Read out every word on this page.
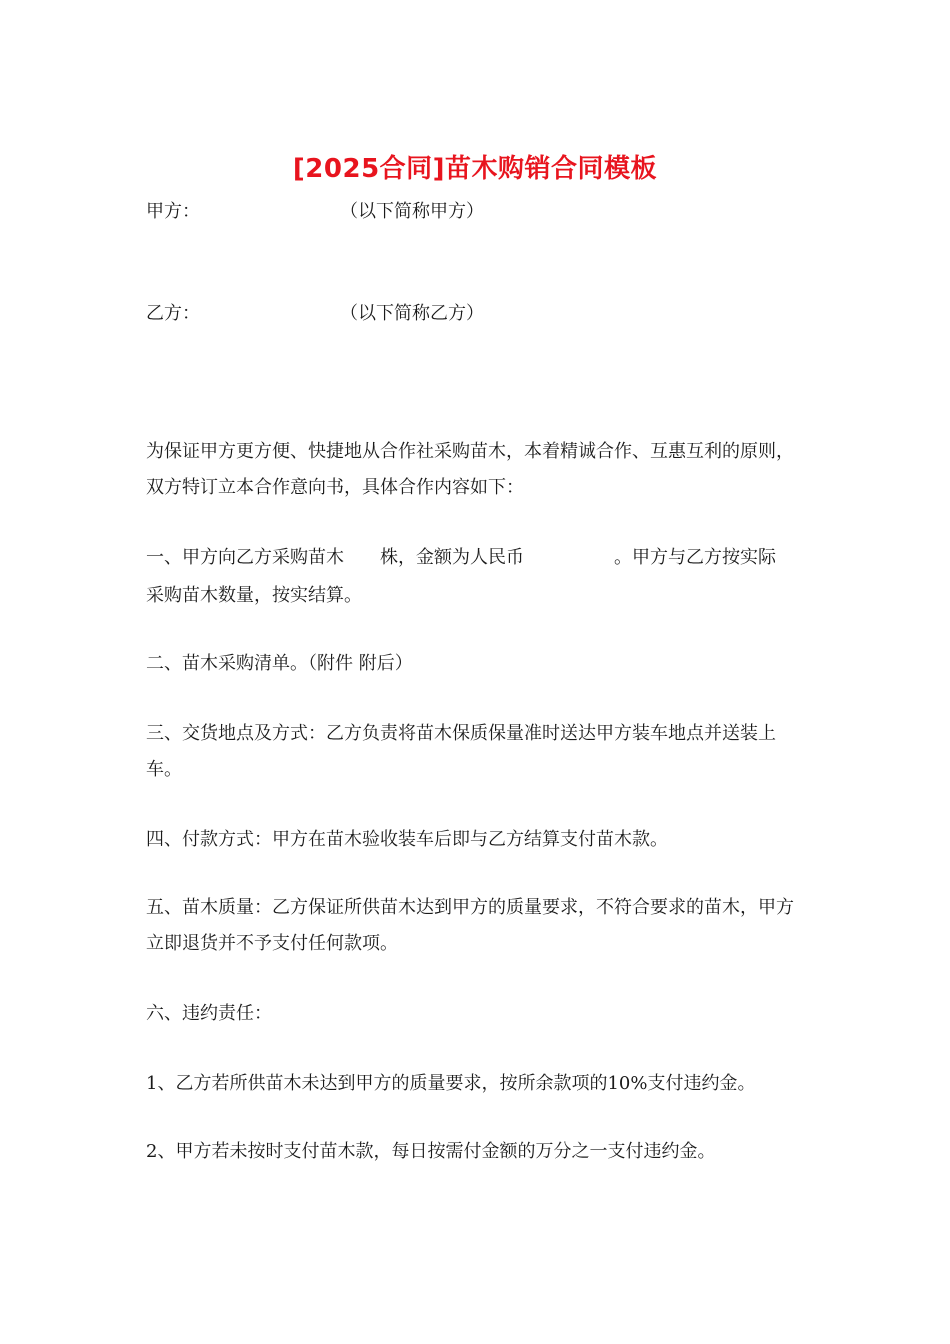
[2025合同]苗木购销合同模板
甲方：	（以下简称甲方）
乙方：	（以下简称乙方）

为保证甲方更方便、快捷地从合作社采购苗木，本着精诚合作、互惠互利的原则，双方特订立本合作意向书，具体合作内容如下：

一、甲方向乙方采购苗木 株，金额为人民币	。甲方与乙方按实际
采购苗木数量，按实结算。
二、苗木采购清单。（附件 附后）

三、交货地点及方式：乙方负责将苗木保质保量准时送达甲方装车地点并送装上车。

四、付款方式：甲方在苗木验收装车后即与乙方结算支付苗木款。

五、苗木质量：乙方保证所供苗木达到甲方的质量要求，不符合要求的苗木，甲方立即退货并不予支付任何款项。

六、违约责任：
1、乙方若所供苗木未达到甲方的质量要求，按所余款项的10%支付违约金。
2、甲方若未按时支付苗木款，每日按需付金额的万分之一支付违约金。
